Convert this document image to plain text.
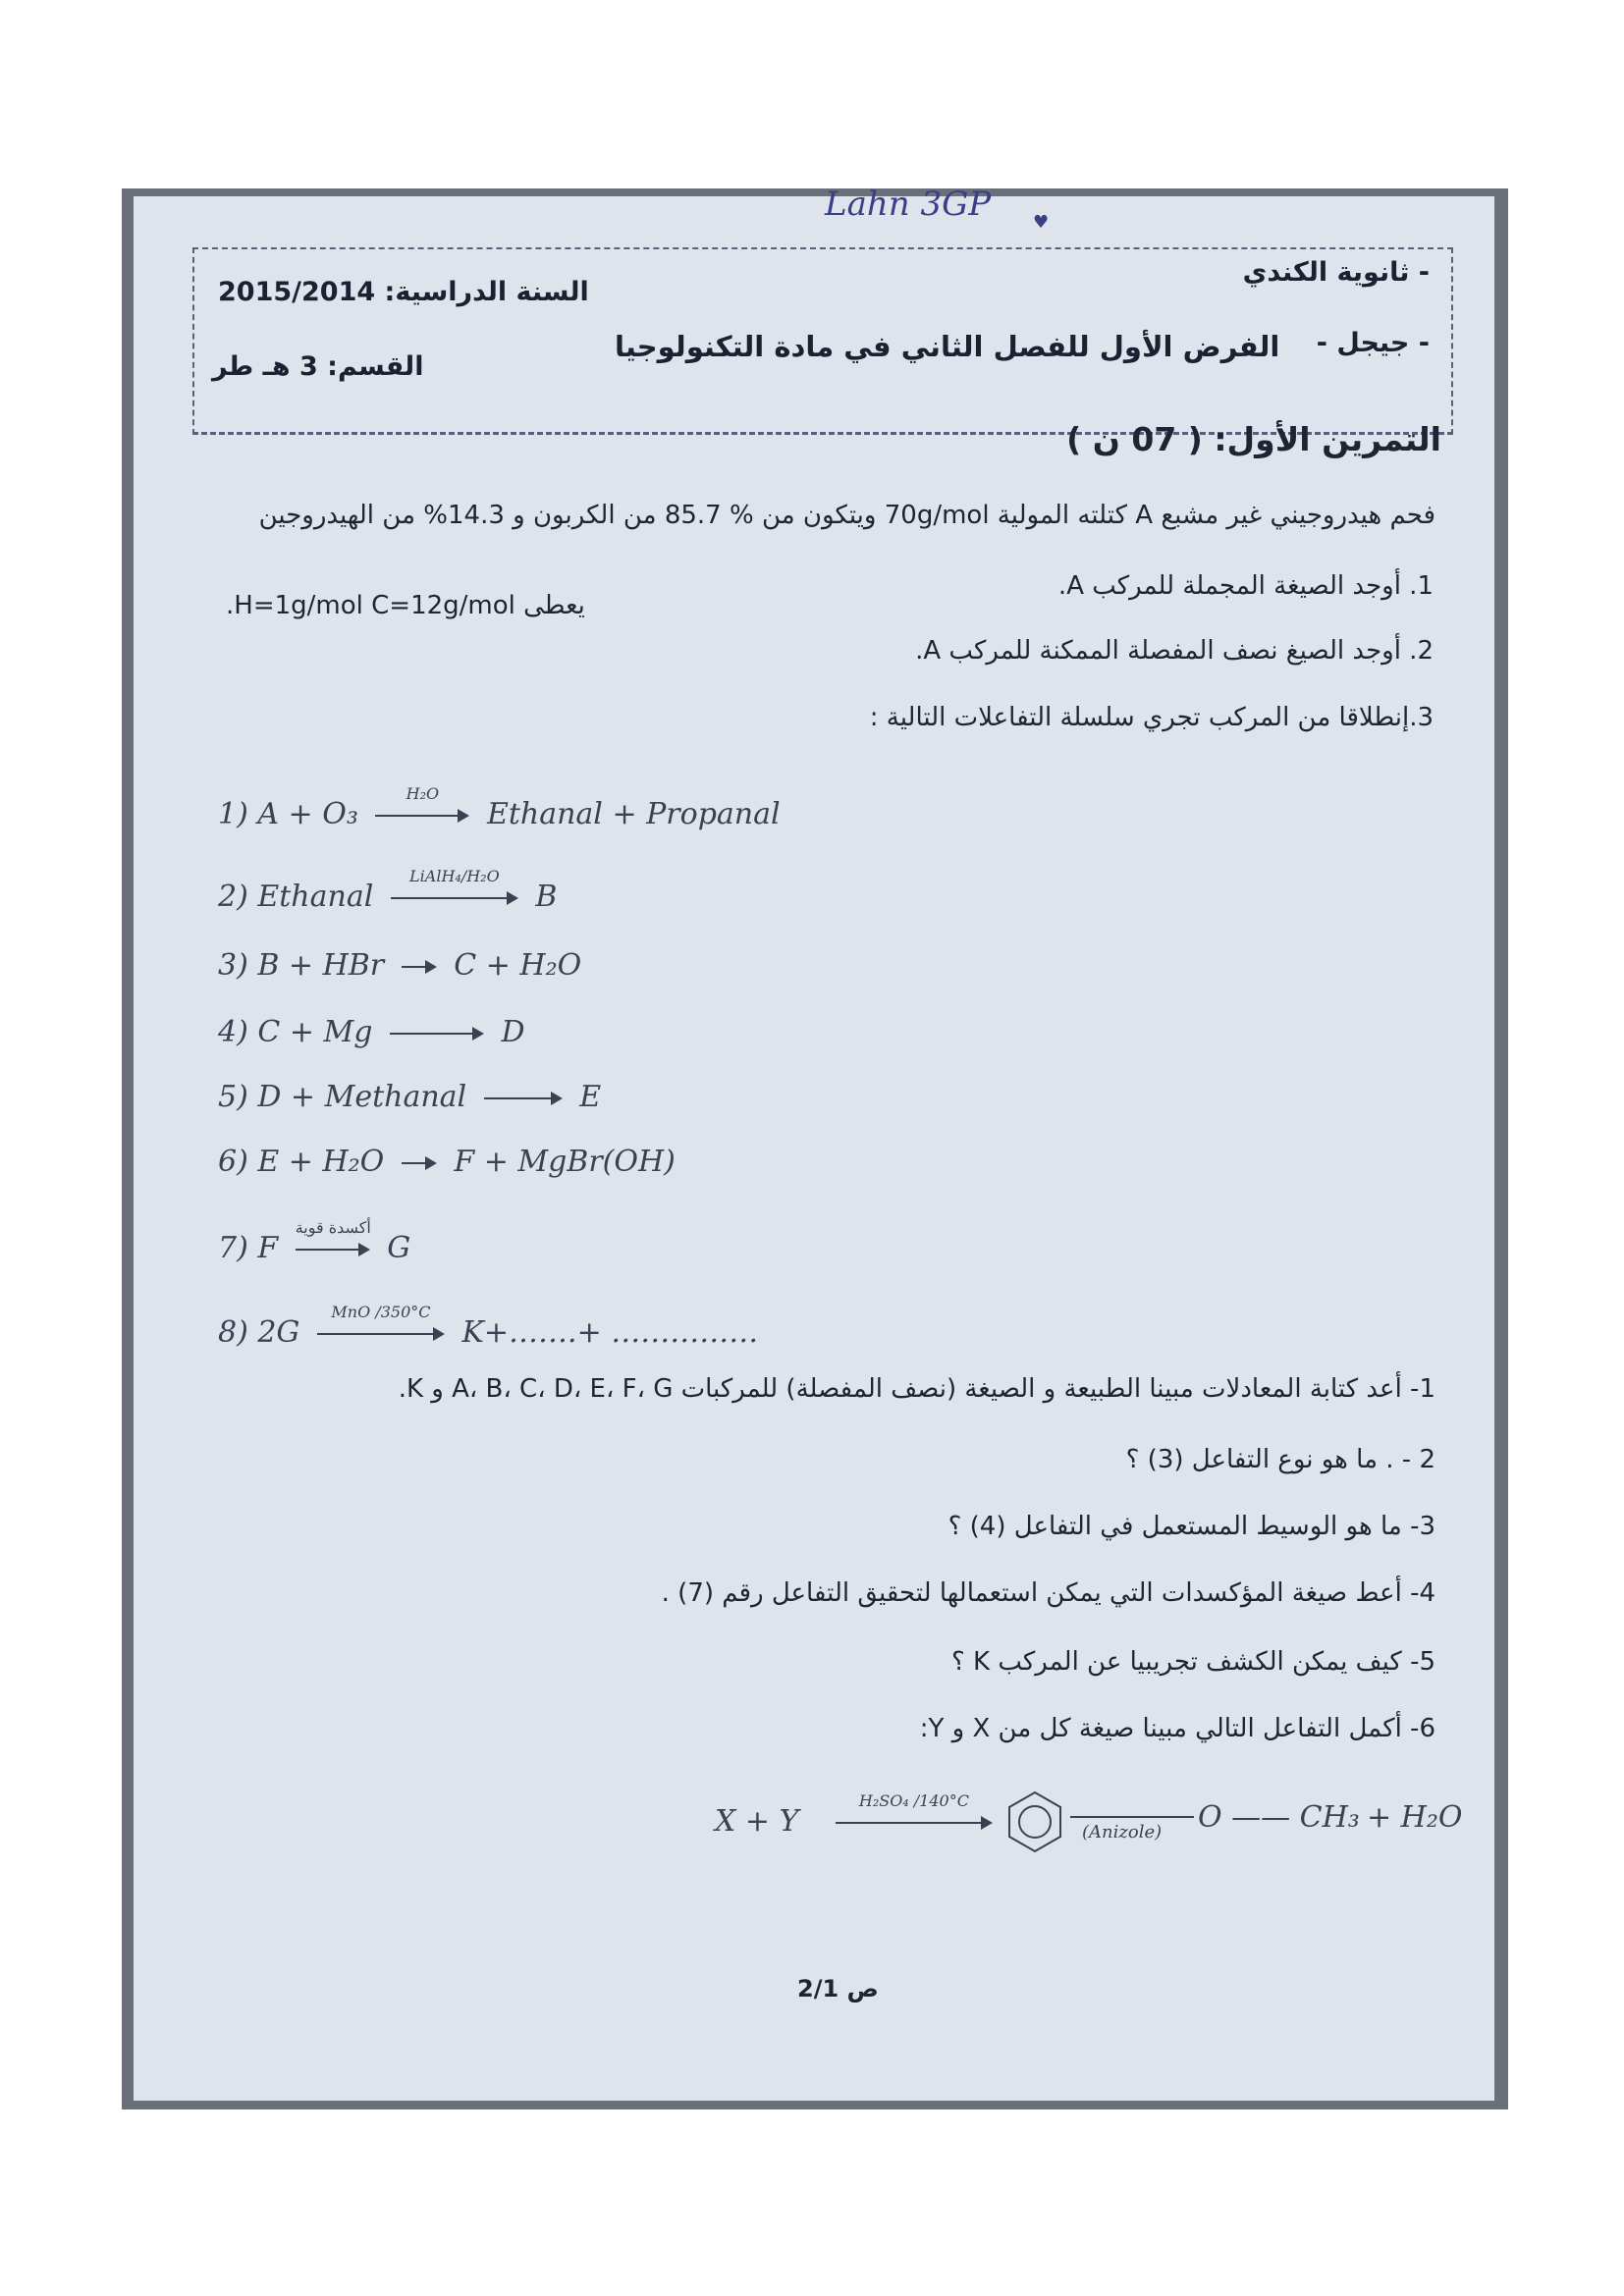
Lahn 3GP ♥
- ثانوية الكندي
- جيجل -
السنة الدراسية: 2015/2014
الفرض الأول للفصل الثاني في مادة التكنولوجيا
القسم: 3 هـ طر
التمرين الأول: ( 07 ن )
فحم هيدروجيني غير مشبع A كتلته المولية 70g/mol ويتكون من % 85.7 من الكربون و 14.3% من الهيدروجين
1. أوجد الصيغة المجملة للمركب A.
.H=1g/mol C=12g/mol يعطى
2. أوجد الصيغ نصف المفصلة الممكنة للمركب A.
3.إنطلاقا من المركب تجري سلسلة التفاعلات التالية :
1) A + O₃
H₂O
Ethanal + Propanal
2) Ethanal
LiAlH₄/H₂O
B
3) B + HBr C + H₂O
4) C + Mg	D
5) D + Methanal	E
6) E + H₂O F + MgBr(OH)
7) F
أكسدة قوية
G
8) 2G
MnO /350°C
K+…….+ ……………
1- أعد كتابة المعادلات مبينا الطبيعة و الصيغة (نصف المفصلة) للمركبات A، B، C، D، E، F، G و K.
2 - . ما هو نوع التفاعل (3) ؟
3- ما هو الوسيط المستعمل في التفاعل (4) ؟
4- أعط صيغة المؤكسدات التي يمكن استعمالها لتحقيق التفاعل رقم (7) .
5- كيف يمكن الكشف تجريبيا عن المركب K ؟
6- أكمل التفاعل التالي مبينا صيغة كل من X و Y:
X + Y
H₂SO₄ /140°C
(Anizole) O —— CH₃ + H₂O
ص 2/1
